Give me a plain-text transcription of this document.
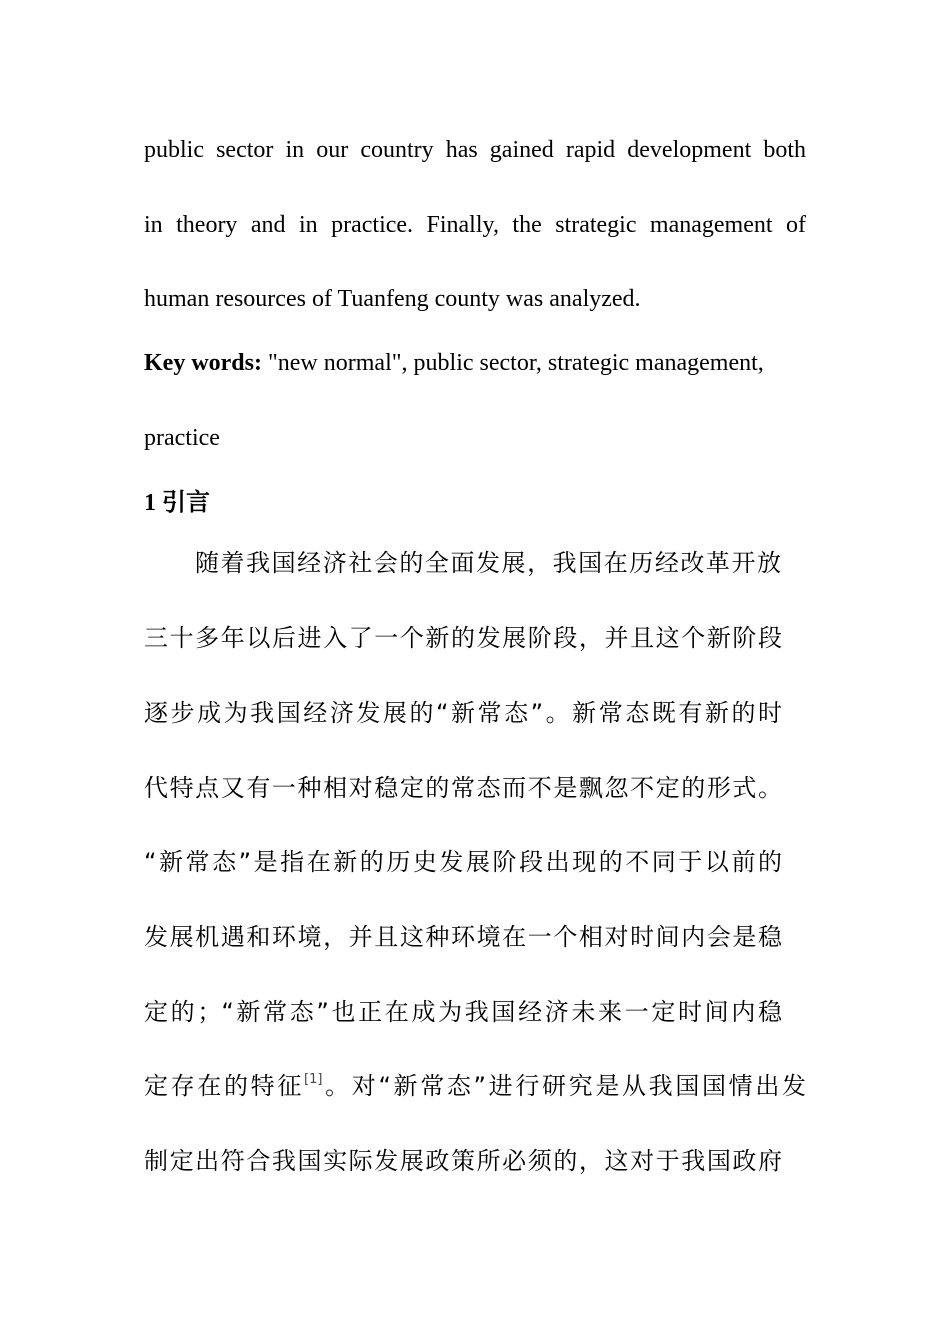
public sector in our country has gained rapid development both
in theory and in practice. Finally, the strategic management of
human resources of Tuanfeng county was analyzed.
Key words: "new normal", public sector, strategic management,
practice
1 引言
随着我国经济社会的全面发展，我国在历经改革开放
三十多年以后进入了一个新的发展阶段，并且这个新阶段
逐步成为我国经济发展的“新常态”。新常态既有新的时
代特点又有一种相对稳定的常态而不是飘忽不定的形式。
“新常态”是指在新的历史发展阶段出现的不同于以前的
发展机遇和环境，并且这种环境在一个相对时间内会是稳
定的；“新常态”也正在成为我国经济未来一定时间内稳
定存在的特征[1]。对“新常态”进行研究是从我国国情出发
制定出符合我国实际发展政策所必须的，这对于我国政府
